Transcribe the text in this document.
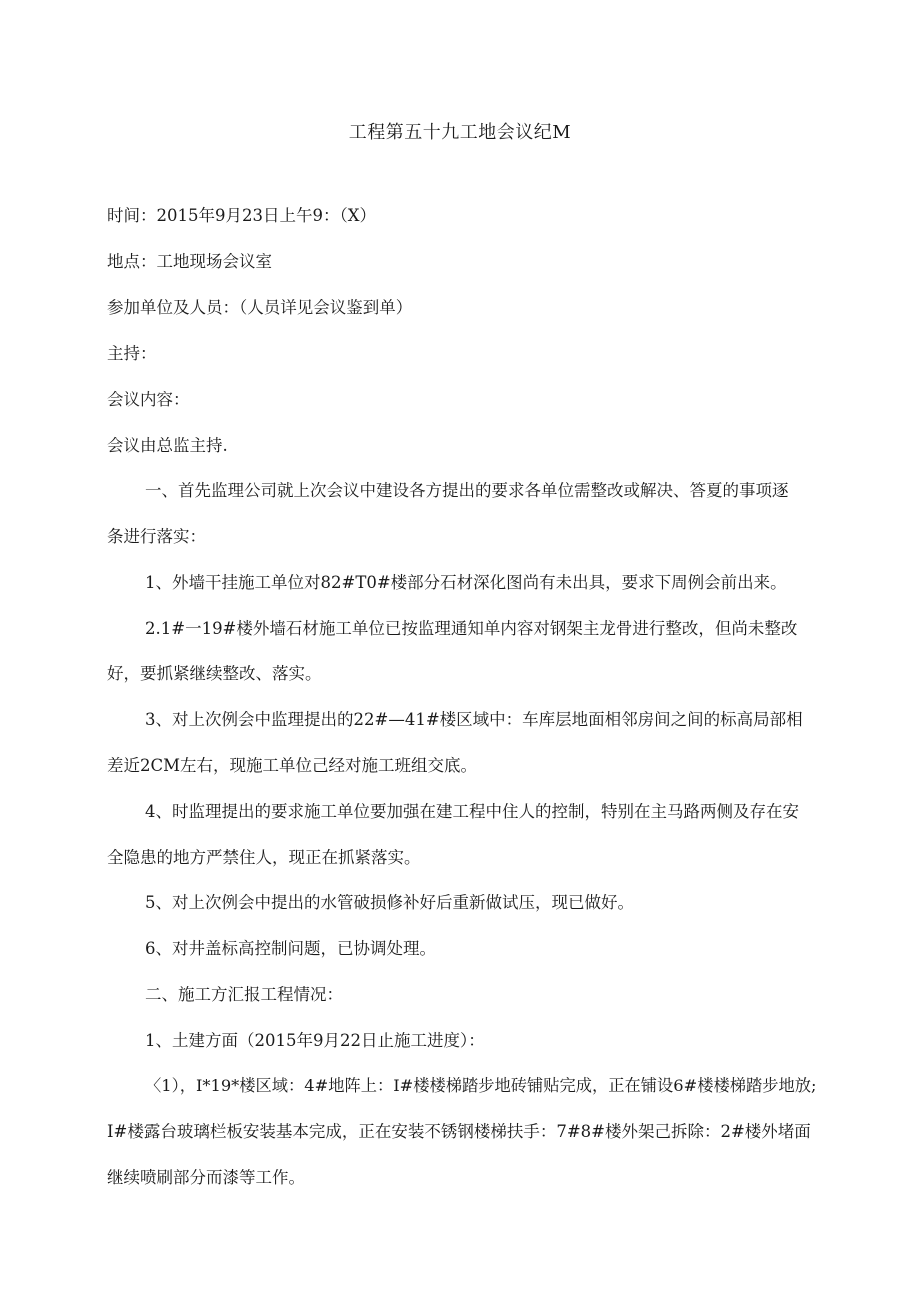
工程第五十九工地会议纪M
时间：2015年9月23日上午9：（X）
地点：工地现场会议室
参加单位及人员：（人员详见会议鉴到单）
主持：
会议内容：
会议由总监主持.
一、首先监理公司就上次会议中建设各方提出的要求各单位需整改或解决、答夏的事项逐
条进行落实：
1、外墙干挂施工单位对82#T0#楼部分石材深化图尚有未出具，要求下周例会前出来。
2.1#一19#楼外墙石材施工单位已按监理通知单内容对钢架主龙骨进行整改，但尚未整改
好，要抓紧继续整改、落实。
3、对上次例会中监理提出的22#—41#楼区域中：车库层地面相邻房间之间的标高局部相
差近2CM左右，现施工单位己经对施工班组交底。
4、时监理提出的要求施工单位要加强在建工程中住人的控制，特别在主马路两侧及存在安
全隐患的地方严禁住人，现正在抓紧落实。
5、对上次例会中提出的水管破损修补好后重新做试压，现已做好。
6、对井盖标高控制问题，已协调处理。
二、施工方汇报工程情况：
1、土建方面（2015年9月22日止施工进度）：
〈1），I*19*楼区域：4#地阵上：I#楼楼梯踏步地砖铺贴完成，正在铺设6#楼楼梯踏步地放;
I#楼露台玻璃栏板安装基本完成，正在安装不锈钢楼梯扶手：7#8#楼外架己拆除：2#楼外堵面
继续喷刷部分而漆等工作。
